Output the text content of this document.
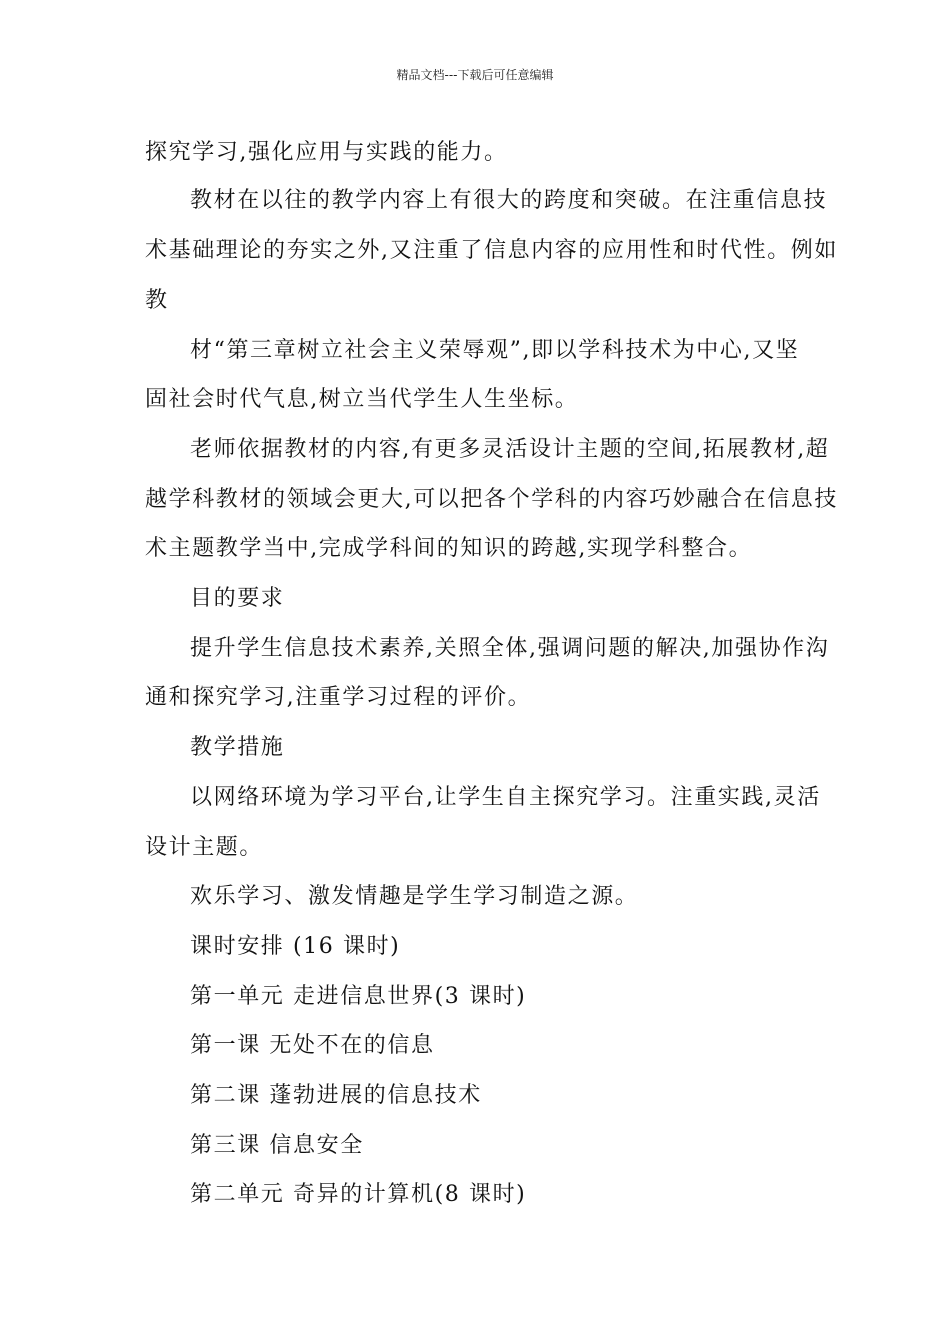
精品文档---下载后可任意编辑
探究学习,强化应用与实践的能力。
教材在以往的教学内容上有很大的跨度和突破。在注重信息技
术基础理论的夯实之外,又注重了信息内容的应用性和时代性。例如
教
材“第三章树立社会主义荣辱观”,即以学科技术为中心,又坚
固社会时代气息,树立当代学生人生坐标。
老师依据教材的内容,有更多灵活设计主题的空间,拓展教材,超
越学科教材的领域会更大,可以把各个学科的内容巧妙融合在信息技
术主题教学当中,完成学科间的知识的跨越,实现学科整合。
目的要求
提升学生信息技术素养,关照全体,强调问题的解决,加强协作沟
通和探究学习,注重学习过程的评价。
教学措施
以网络环境为学习平台,让学生自主探究学习。注重实践,灵活
设计主题。
欢乐学习、激发情趣是学生学习制造之源。
课时安排 (16 课时)
第一单元 走进信息世界(3 课时)
第一课 无处不在的信息
第二课 蓬勃进展的信息技术
第三课 信息安全
第二单元 奇异的计算机(8 课时)
